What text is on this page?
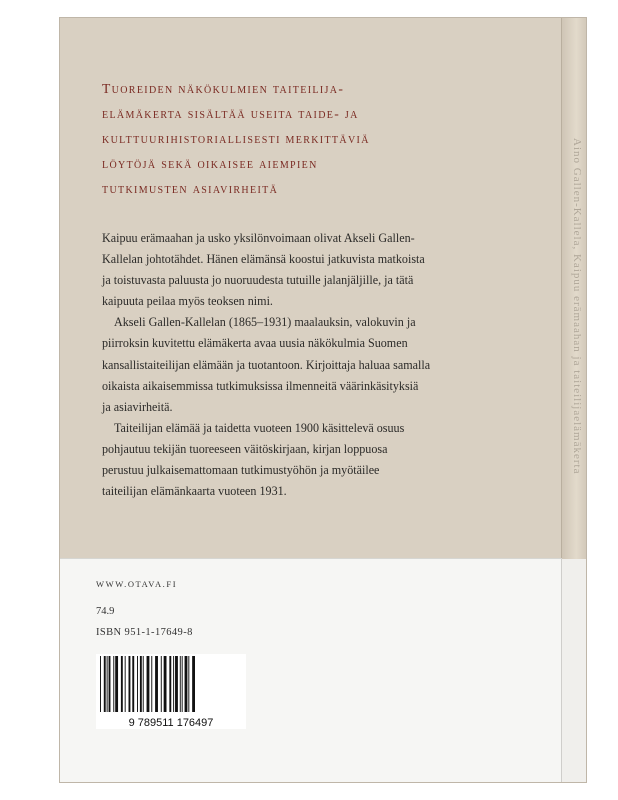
Aino Gallen-Kallela, Kaipuu erämaahan ja taiteilijaelämäkerta
Tuoreiden näkökulmien taiteilija-
elämäkerta sisältää useita taide- ja
kulttuurihistoriallisesti merkittäviä
löytöjä sekä oikaisee aiempien
tutkimusten asiavirheitä
Kaipuu erämaahan ja usko yksilönvoimaan olivat Akseli Gallen-
Kallelan johtotähdet. Hänen elämänsä koostui jatkuvista matkoista
ja toistuvasta paluusta jo nuoruudesta tutuille jalanjäljille, ja tätä
kaipuuta peilaa myös teoksen nimi.
Akseli Gallen-Kallelan (1865–1931) maalauksin, valokuvin ja
piirroksin kuvitettu elämäkerta avaa uusia näkökulmia Suomen
kansallistaiteilijan elämään ja tuotantoon. Kirjoittaja haluaa samalla
oikaista aikaisemmissa tutkimuksissa ilmenneitä väärinkäsityksiä
ja asiavirheitä.
Taiteilijan elämää ja taidetta vuoteen 1900 käsittelevä osuus
pohjautuu tekijän tuoreeseen väitöskirjaan, kirjan loppuosa
perustuu julkaisemattomaan tutkimustyöhön ja myötäilee
taiteilijan elämänkaarta vuoteen 1931.
WWW.OTAVA.FI
74.9
ISBN 951-1-17649-8
9 789511 176497
